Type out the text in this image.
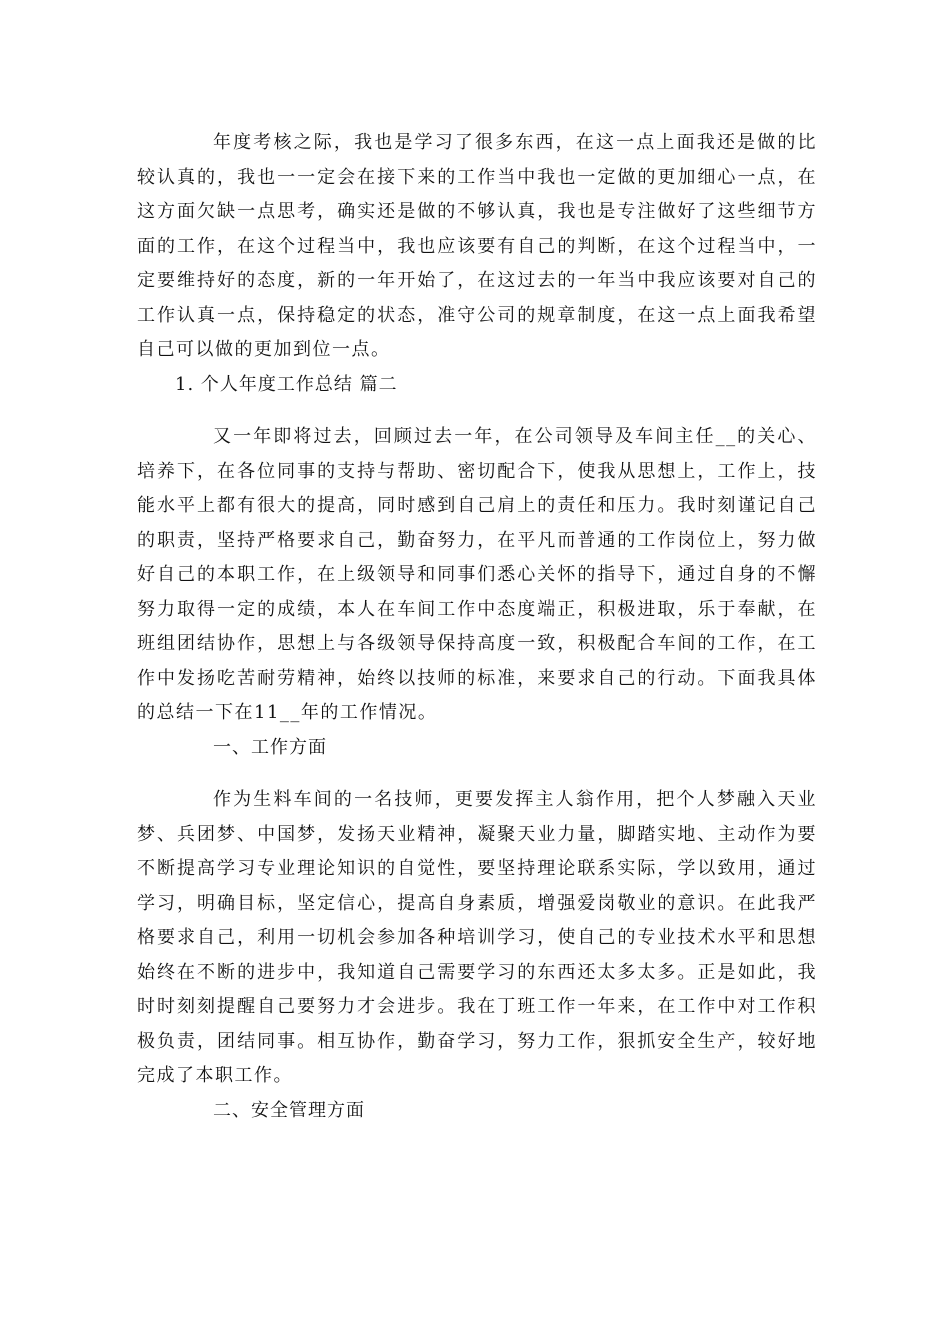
年度考核之际，我也是学习了很多东西，在这一点上面我还是做的比较认真的，我也一一定会在接下来的工作当中我也一定做的更加细心一点，在这方面欠缺一点思考，确实还是做的不够认真，我也是专注做好了这些细节方面的工作，在这个过程当中，我也应该要有自己的判断，在这个过程当中，一定要维持好的态度，新的一年开始了，在这过去的一年当中我应该要对自己的工作认真一点，保持稳定的状态，准守公司的规章制度，在这一点上面我希望自己可以做的更加到位一点。

1. 个人年度工作总结 篇二

又一年即将过去，回顾过去一年，在公司领导及车间主任__的关心、培养下，在各位同事的支持与帮助、密切配合下，使我从思想上，工作上，技能水平上都有很大的提高，同时感到自己肩上的责任和压力。我时刻谨记自己的职责，坚持严格要求自己，勤奋努力，在平凡而普通的工作岗位上，努力做好自己的本职工作，在上级领导和同事们悉心关怀的指导下，通过自身的不懈努力取得一定的成绩，本人在车间工作中态度端正，积极进取，乐于奉献，在班组团结协作，思想上与各级领导保持高度一致，积极配合车间的工作，在工作中发扬吃苦耐劳精神，始终以技师的标准，来要求自己的行动。下面我具体的总结一下在11__年的工作情况。

一、工作方面

作为生料车间的一名技师，更要发挥主人翁作用，把个人梦融入天业梦、兵团梦、中国梦，发扬天业精神，凝聚天业力量，脚踏实地、主动作为要不断提高学习专业理论知识的自觉性，要坚持理论联系实际，学以致用，通过学习，明确目标，坚定信心，提高自身素质，增强爱岗敬业的意识。在此我严格要求自己，利用一切机会参加各种培训学习，使自己的专业技术水平和思想始终在不断的进步中，我知道自己需要学习的东西还太多太多。正是如此，我时时刻刻提醒自己要努力才会进步。我在丁班工作一年来，在工作中对工作积极负责，团结同事。相互协作，勤奋学习，努力工作，狠抓安全生产，较好地完成了本职工作。

二、安全管理方面
